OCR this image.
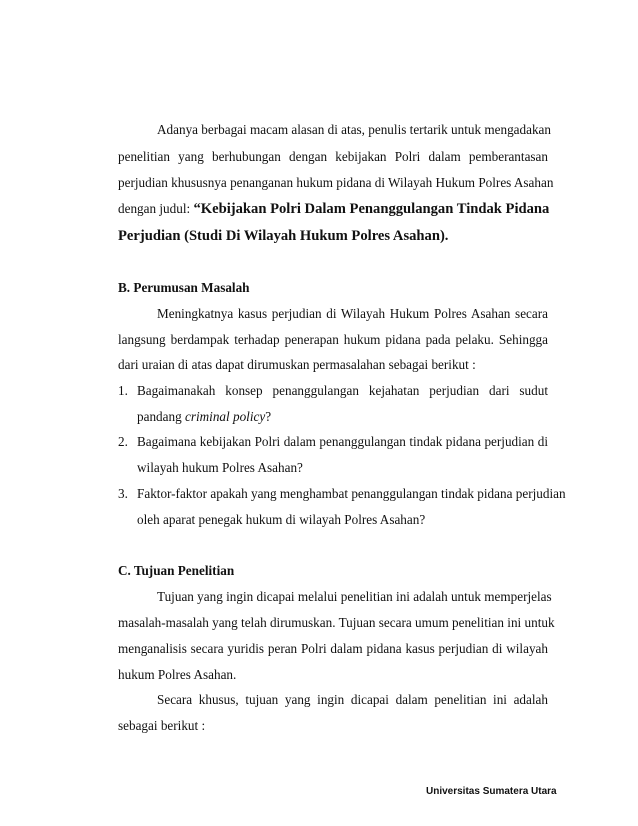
Adanya berbagai macam alasan di atas, penulis tertarik untuk mengadakan
penelitian yang berhubungan dengan kebijakan Polri dalam pemberantasan
perjudian khususnya penanganan hukum pidana di Wilayah Hukum Polres Asahan
dengan judul: “Kebijakan Polri Dalam Penanggulangan Tindak Pidana
Perjudian (Studi Di Wilayah Hukum Polres Asahan).
B. Perumusan Masalah
Meningkatnya kasus perjudian di Wilayah Hukum Polres Asahan secara
langsung berdampak terhadap penerapan hukum pidana pada pelaku. Sehingga
dari uraian di atas dapat dirumuskan permasalahan sebagai berikut :
1. Bagaimanakah konsep penanggulangan kejahatan perjudian dari sudut
pandang criminal policy?
2. Bagaimana kebijakan Polri dalam penanggulangan tindak pidana perjudian di
wilayah hukum Polres Asahan?
3. Faktor-faktor apakah yang menghambat penanggulangan tindak pidana perjudian
oleh aparat penegak hukum di wilayah Polres Asahan?
C. Tujuan Penelitian
Tujuan yang ingin dicapai melalui penelitian ini adalah untuk memperjelas
masalah-masalah yang telah dirumuskan. Tujuan secara umum penelitian ini untuk
menganalisis secara yuridis peran Polri dalam pidana kasus perjudian di wilayah
hukum Polres Asahan.
Secara khusus, tujuan yang ingin dicapai dalam penelitian ini adalah
sebagai berikut :
Universitas Sumatera Utara
